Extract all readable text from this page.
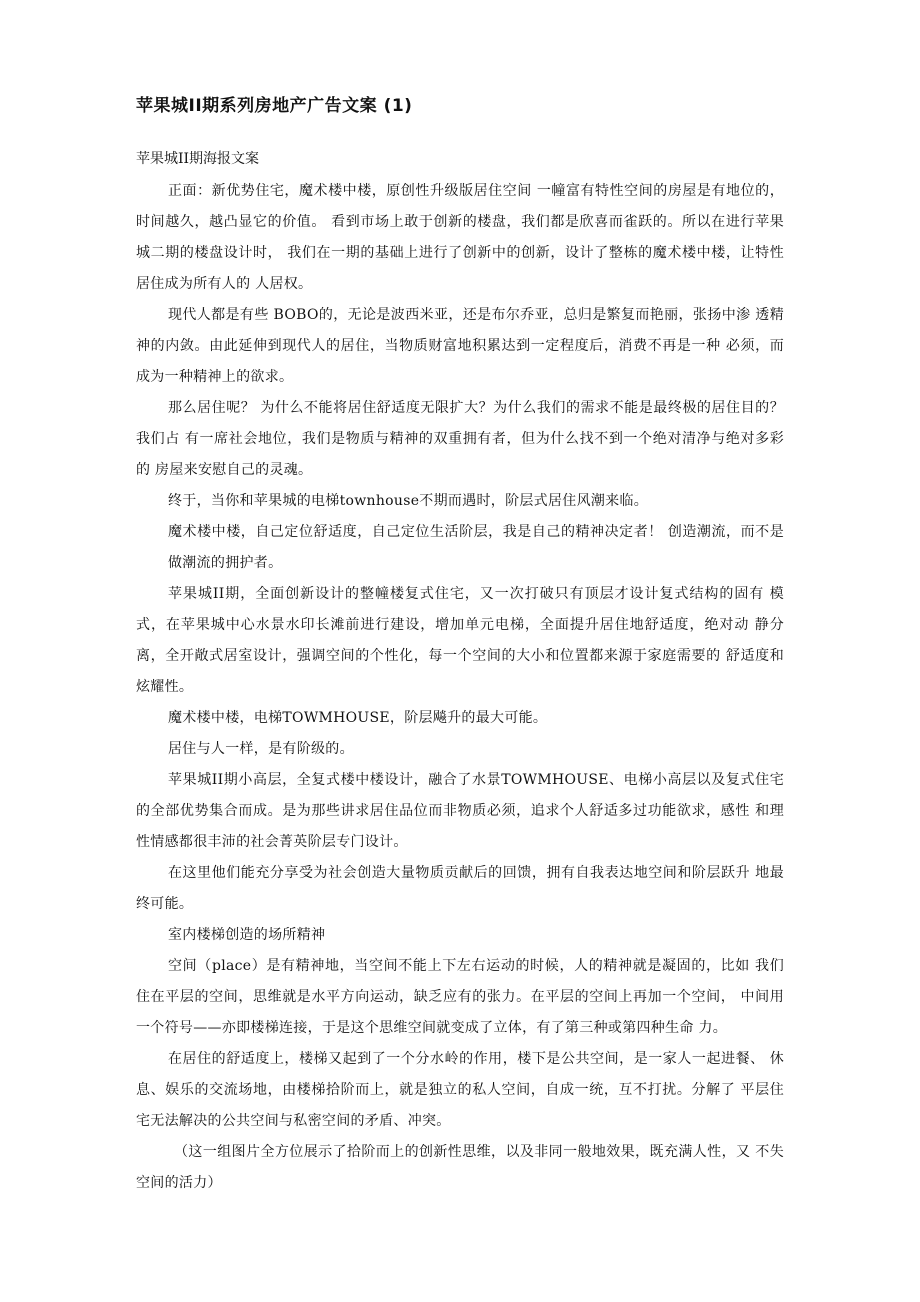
苹果城II期系列房地产广告文案 (1)

苹果城II期海报文案

正面：新优势住宅，魔术楼中楼，原创性升级版居住空间 一幢富有特性空间的房屋是有地位的，时间越久，越凸显它的价值。 看到市场上敢于创新的楼盘，我们都是欣喜而雀跃的。所以在进行苹果城二期的楼盘设计时， 我们在一期的基础上进行了创新中的创新，设计了整栋的魔术楼中楼，让特性居住成为所有人的 人居权。

现代人都是有些 BOBO的，无论是波西米亚，还是布尔乔亚，总归是繁复而艳丽，张扬中渗 透精神的内敛。由此延伸到现代人的居住，当物质财富地积累达到一定程度后，消费不再是一种 必须，而成为一种精神上的欲求。

那么居住呢？ 为什么不能将居住舒适度无限扩大？为什么我们的需求不能是最终极的居住目的？我们占 有一席社会地位，我们是物质与精神的双重拥有者，但为什么找不到一个绝对清净与绝对多彩的 房屋来安慰自己的灵魂。

终于，当你和苹果城的电梯townhouse不期而遇时，阶层式居住风潮来临。

魔术楼中楼，自己定位舒适度，自己定位生活阶层，我是自己的精神决定者！ 创造潮流，而不是做潮流的拥护者。

苹果城II期，全面创新设计的整幢楼复式住宅，又一次打破只有顶层才设计复式结构的固有 模式，在苹果城中心水景水印长滩前进行建设，增加单元电梯，全面提升居住地舒适度，绝对动 静分离，全开敞式居室设计，强调空间的个性化，每一个空间的大小和位置都来源于家庭需要的 舒适度和炫耀性。

魔术楼中楼，电梯TOWMHOUSE，阶层飚升的最大可能。

居住与人一样，是有阶级的。

苹果城II期小高层，全复式楼中楼设计，融合了水景TOWMHOUSE、电梯小高层以及复式住宅 的全部优势集合而成。是为那些讲求居住品位而非物质必须，追求个人舒适多过功能欲求，感性 和理性情感都很丰沛的社会菁英阶层专门设计。

在这里他们能充分享受为社会创造大量物质贡献后的回馈，拥有自我表达地空间和阶层跃升 地最终可能。

室内楼梯创造的场所精神

空间（place）是有精神地，当空间不能上下左右运动的时候，人的精神就是凝固的，比如 我们住在平层的空间，思维就是水平方向运动，缺乏应有的张力。在平层的空间上再加一个空间， 中间用一个符号——亦即楼梯连接，于是这个思维空间就变成了立体，有了第三种或第四种生命 力。

在居住的舒适度上，楼梯又起到了一个分水岭的作用，楼下是公共空间，是一家人一起进餐、 休息、娱乐的交流场地，由楼梯拾阶而上，就是独立的私人空间，自成一统，互不打扰。分解了 平层住宅无法解决的公共空间与私密空间的矛盾、冲突。

（这一组图片全方位展示了拾阶而上的创新性思维，以及非同一般地效果，既充满人性，又 不失空间的活力）
